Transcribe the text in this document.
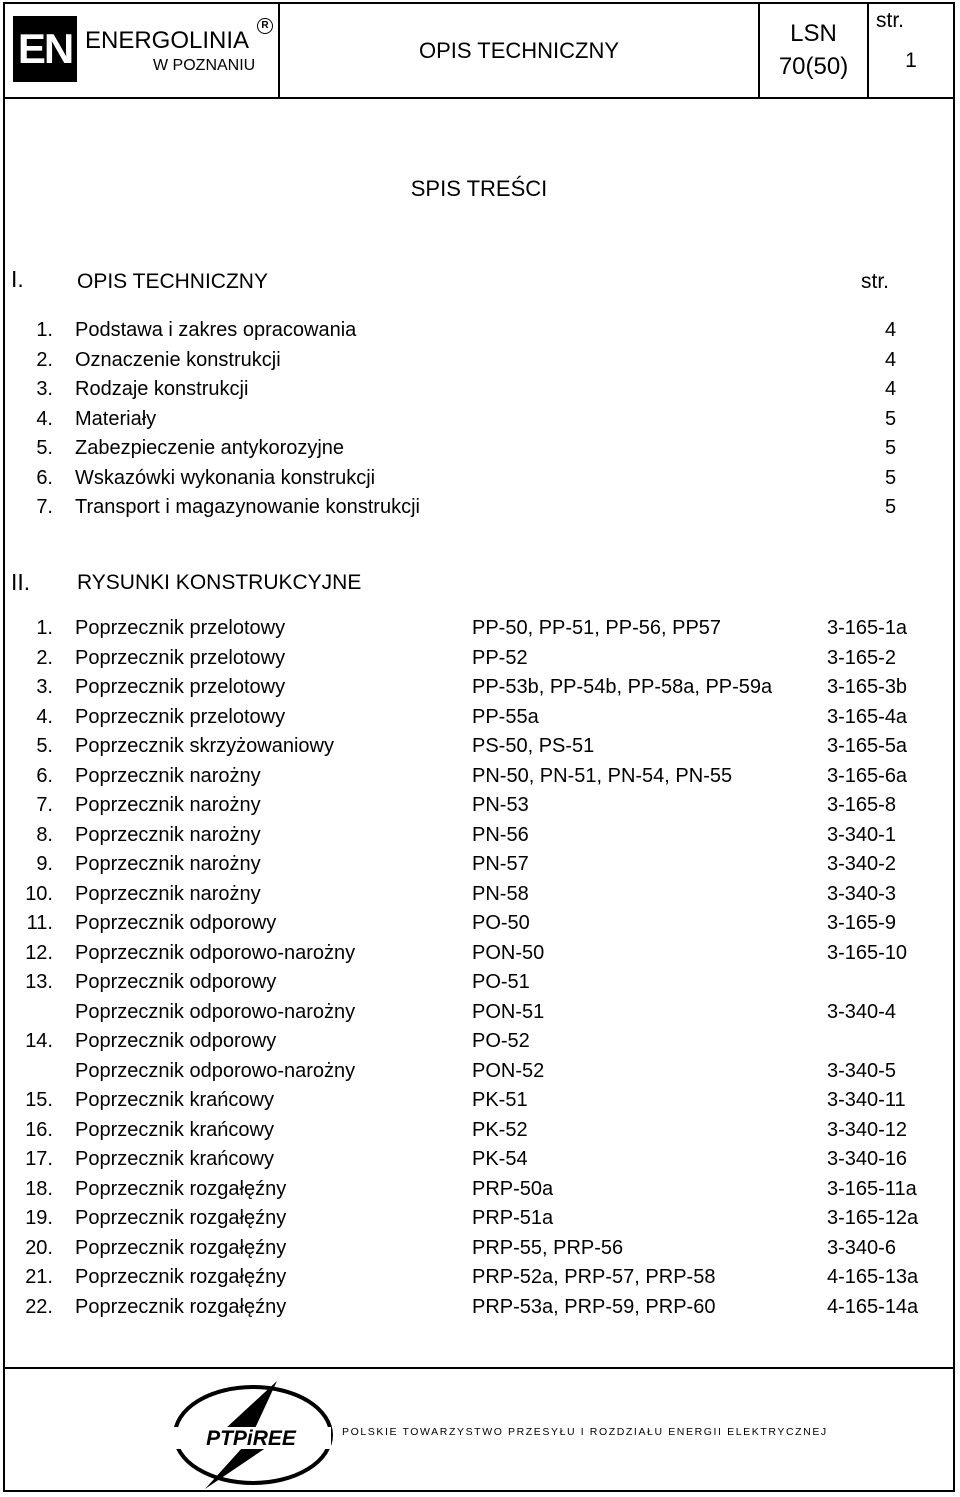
EN ENERGOLINIA
R
W POZNANIU
OPIS TECHNICZNY
LSN
70(50)
str.
1
SPIS TREŚCI
I.	OPIS TECHNICZNY	str.
1. Podstawa i zakres opracowania	4
2. Oznaczenie konstrukcji	4
3. Rodzaje konstrukcji	4
4. Materiały	5
5. Zabezpieczenie antykorozyjne	5
6. Wskazówki wykonania konstrukcji	5
7. Transport i magazynowanie konstrukcji	5
II. RYSUNKI KONSTRUKCYJNE
1. Poprzecznik przelotowy	PP-50, PP-51, PP-56, PP57	3-165-1a
2. Poprzecznik przelotowy	PP-52	3-165-2
3. Poprzecznik przelotowy	PP-53b, PP-54b, PP-58a, PP-59a	3-165-3b
4. Poprzecznik przelotowy	PP-55a	3-165-4a
5. Poprzecznik skrzyżowaniowy	PS-50, PS-51	3-165-5a
6. Poprzecznik narożny	PN-50, PN-51, PN-54, PN-55	3-165-6a
7. Poprzecznik narożny	PN-53	3-165-8
8. Poprzecznik narożny	PN-56	3-340-1
9. Poprzecznik narożny	PN-57	3-340-2
10. Poprzecznik narożny	PN-58	3-340-3
11. Poprzecznik odporowy	PO-50	3-165-9
12. Poprzecznik odporowo-narożny	PON-50	3-165-10
13. Poprzecznik odporowy	PO-51
Poprzecznik odporowo-narożny	PON-51	3-340-4
14. Poprzecznik odporowy	PO-52
Poprzecznik odporowo-narożny	PON-52	3-340-5
15. Poprzecznik krańcowy	PK-51	3-340-11
16. Poprzecznik krańcowy	PK-52	3-340-12
17. Poprzecznik krańcowy	PK-54	3-340-16
18. Poprzecznik rozgałęźny	PRP-50a	3-165-11a
19. Poprzecznik rozgałęźny	PRP-51a	3-165-12a
20. Poprzecznik rozgałęźny	PRP-55, PRP-56	3-340-6
21. Poprzecznik rozgałęźny	PRP-52a, PRP-57, PRP-58	4-165-13a
22. Poprzecznik rozgałęźny	PRP-53a, PRP-59, PRP-60	4-165-14a
PTPiREE	POLSKIE TOWARZYSTWO PRZESYŁU I ROZDZIAŁU ENERGII ELEKTRYCZNEJ
